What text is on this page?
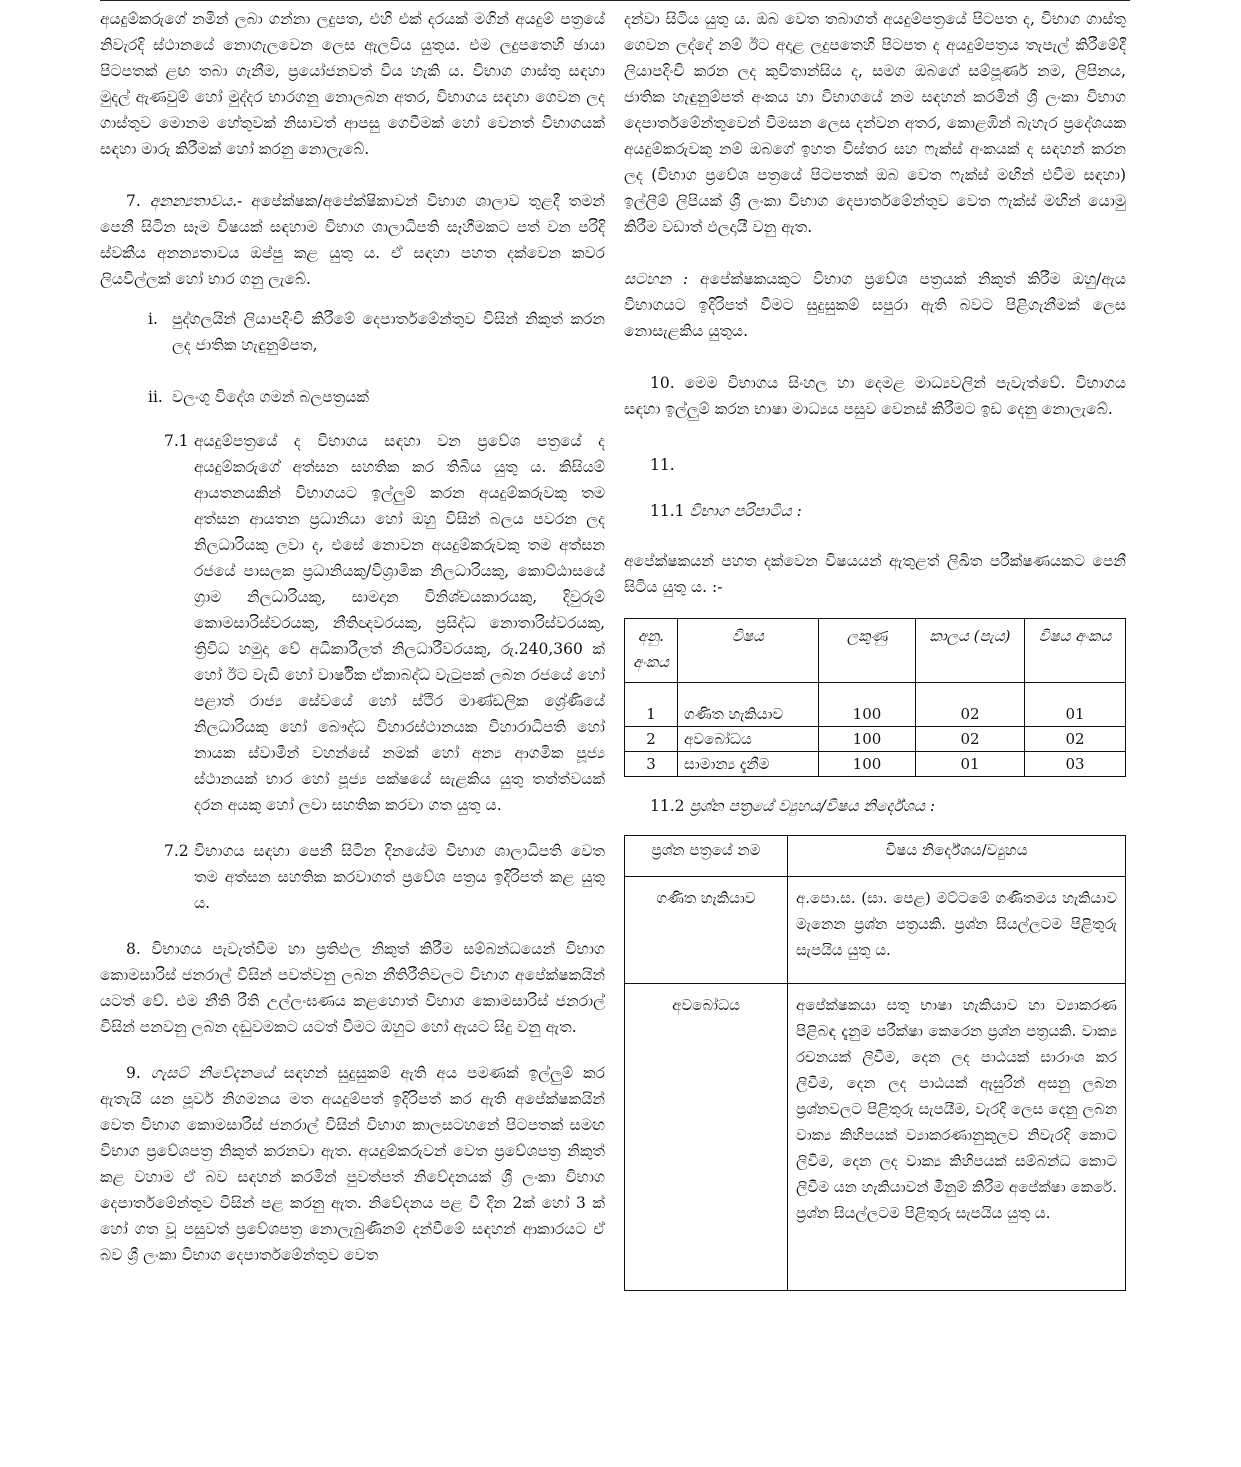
අයදුම්කරුගේ නමින් ලබා ගන්නා ලදුපත, එහි එක් දරයක් මගින් අයදුම් පත්‍රයේ නිවැරදි ස්ථානයේ නොගැලවෙන ලෙස ඇලවිය යුතුය. එම ලදුපතෙහි ඡායා පිටපතක් ළඟ තබා ගැනීම, ප්‍රයෝජනවත් විය හැකි ය. විභාග ගාස්තු සඳහා මුදල් ඇණවුම් හෝ මුද්දර භාරගනු නොලබන අතර, විභාගය සඳහා ගෙවන ලද ගාස්තුව මොනම හේතුවක් නිසාවත් ආපසු ගෙවීමක් හෝ වෙනත් විභාගයක් සඳහා මාරු කිරීමක් හෝ කරනු නොලැබේ.

7. අනන්‍යතාවය.- අපේක්ෂක/අපේක්ෂිකාවන් විභාග ශාලාව තුළදී තමන් පෙනී සිටින සෑම විෂයක් සඳහාම විභාග ශාලාධිපති සෑහීමකට පත් වන පරිදි ස්වකීය අනන්‍යතාවය ඔප්පු කළ යුතු ය. ඒ සඳහා පහත දක්වෙන කවර ලියවිල්ලක් හෝ භාර ගනු ලැබේ.

i. පුද්ගලයින් ලියාපදිංචි කිරීමේ දෙපාර්තමේන්තුව විසින් නිකුත් කරන ලද ජාතික හැඳුනුම්පත,

ii. වලංගු විදේශ ගමන් බලපත්‍රයක්

7.1 අයදුම්පත්‍රයේ ද විභාගය සඳහා වන ප්‍රවේශ පත්‍රයේ ද අයදුම්කරුගේ අත්සන සහතික කර තිබිය යුතු ය. කිසියම් ආයතනයකින් විභාගයට ඉල්ලුම් කරන අයදුම්කරුවකු තම අත්සන ආයතන ප්‍රධානියා හෝ ඔහු විසින් බලය පවරන ලද නිලධාරියකු ලවා ද, එසේ නොවන අයදුම්කරුවකු තම අත්සන රජයේ පාසලක ප්‍රධානියකු/විශ්‍රාමික නිලධාරියකු, කොට්ඨාසයේ ග්‍රාම නිලධාරියකු, සාමදාන විනිශ්චයකාරයකු, දිවුරුම් කොමසාරිස්වරයකු, නීතිඥවරයකු, ප්‍රසිද්ධ නොතාරිස්වරයකු, ත්‍රිවිධ හමුදා වේ අධිකාරීලත් නිලධාරීවරයකු, රු.240,360 ක් හෝ ඊට වැඩි හෝ වාර්ෂික ඒකාබද්ධ වැටුපක් ලබන රජයේ හෝ පළාත් රාජ්‍ය සේවයේ හෝ ස්ථිර මාණ්ඩලික ශ්‍රේණියේ නිලධාරියකු හෝ බෞද්ධ විහාරස්ථානයක විහාරාධිපති හෝ නායක ස්වාමීන් වහන්සේ නමක් හෝ අන්‍ය ආගමික පූජ්‍ය ස්ථානයක් භාර හෝ පූජ්‍ය පක්ෂයේ සැළකිය යුතු තත්ත්වයක් දරන අයකු හෝ ලවා සහතික කරවා ගත යුතු ය.

7.2 විභාගය සඳහා පෙනී සිටින දිනයේම විභාග ශාලාධිපති වෙත තම අත්සන සහතික කරවාගත් ප්‍රවේශ පත්‍රය ඉදිරිපත් කළ යුතු ය.

8. විභාගය පැවැත්වීම හා ප්‍රතිඵල නිකුත් කිරීම සම්බන්ධයෙන් විභාග කොමසාරිස් ජනරාල් විසින් පවත්වනු ලබන නීතිරීතිවලට විභාග අපේක්ෂකයින් යටත් වේ. එම නීති රීති උල්ලංඝණය කළහොත් විභාග කොමසාරිස් ජනරාල් විසින් පනවනු ලබන දඬුවමකට යටත් වීමට ඔහුට හෝ ඇයට සිදු වනු ඇත.

9. ගැසට් නිවේදනයේ සඳහන් සුදුසුකම් ඇති අය පමණක් ඉල්ලුම් කර ඇතැයි යන පූර්ව නිගමනය මත අයදුම්පත් ඉදිරිපත් කර ඇති අපේක්ෂකයින් වෙත විභාග කොමසාරිස් ජනරාල් විසින් විභාග කාලසටහනේ පිටපතක් සමඟ විභාග ප්‍රවේශපත්‍ර නිකුත් කරනවා ඇත. අයදුම්කරුවන් වෙත ප්‍රවේශපත්‍ර නිකුත් කළ වහාම ඒ බව සඳහන් කරමින් පුවත්පත් නිවේදනයක් ශ්‍රී ලංකා විභාග දෙපාර්තමේන්තුව විසින් පළ කරනු ඇත. නිවේදනය පළ වී දින 2ක් හෝ 3 ක් හෝ ගත වූ පසුවත් ප්‍රවේශපත්‍ර නොලැබුණිනම් දන්වීමේ සඳහන් ආකාරයට ඒ බව ශ්‍රී ලංකා විභාග දෙපාර්තමේන්තුව වෙත

දන්වා සිටිය යුතු ය. ඔබ වෙත තබාගත් අයදුම්පත්‍රයේ පිටපත ද, විභාග ගාස්තු ගෙවන ලද්දේ නම් ඊට අදාළ ලදුපතෙහි පිටපත ද අයදුම්පත්‍රය තැපැල් කිරීමේදී ලියාපදිංචි කරන ලද කුවිතාන්සිය ද, සමග ඔබගේ සම්පූර්ණ නම, ලිපිනය, ජාතික හැඳුනුම්පත් අංකය හා විභාගයේ නම සඳහන් කරමින් ශ්‍රී ලංකා විභාග දෙපාර්තමේන්තුවෙන් විමසන ලෙස දන්වන අතර, කොළඹින් බැහැර ප්‍රදේශයක අයදුම්කරුවකු නම් ඔබගේ ඉහත විස්තර සහ ෆැක්ස් අංකයක් ද සඳහන් කරන ලද (විභාග ප්‍රවේශ පත්‍රයේ පිටපතක් ඔබ වෙත ෆැක්ස් මඟින් එවීම සඳහා) ඉල්ලීම් ලිපියක් ශ්‍රී ලංකා විභාග දෙපාර්තමේන්තුව වෙත ෆැක්ස් මඟින් යොමු කිරීම වඩාත් ඵලදායී වනු ඇත.

සටහන : අපේක්ෂකයකුට විභාග ප්‍රවේශ පත්‍රයක් නිකුත් කිරීම ඔහු/ඇය විභාගයට ඉදිරිපත් වීමට සුදුසුකම් සපුරා ඇති බවට පිළිගැනීමක් ලෙස නොසැළකිය යුතුය.

10. මෙම විභාගය සිංහල හා දෙමළ මාධ්‍යවලින් පැවැත්වේ. විභාගය සඳහා ඉල්ලුම් කරන භාෂා මාධ්‍යය පසුව වෙනස් කිරීමට ඉඩ දෙනු නොලැබේ.

11.

11.1 විභාග පරිපාටිය :

අපේක්ෂකයන් පහත දක්වෙන විෂයයන් ඇතුළත් ලිඛිත පරීක්ෂණයකට පෙනී සිටිය යුතු ය. :-

අනු. අංකය	විෂය	ලකුණු	කාලය (පැය)	විෂය අංකය
1	ගණිත හැකියාව	100	02	01
2	අවබෝධය	100	02	02
3	සාමාන්‍ය දැනීම	100	01	03

11.2 ප්‍රශ්න පත්‍රයේ ව්‍යුහය/විෂය නිර්දේශය :

ප්‍රශ්න පත්‍රයේ නම	විෂය නිර්දේශය/ව්‍යුහය
ගණිත හැකියාව	අ.පො.ස. (සා. පෙළ) මට්ටමේ ගණිතමය හැකියාව මැනෙන ප්‍රශ්න පත්‍රයකි. ප්‍රශ්න සියල්ලටම පිළිතුරු සැපයිය යුතු ය.
අවබෝධය	අපේක්ෂකයා සතු භාෂා හැකියාව හා ව්‍යාකරණ පිළිබඳ දැනුම පරීක්ෂා කෙරෙන ප්‍රශ්න පත්‍රයකි. වාක්‍ය රචනයක් ලිවීම, දෙන ලද පාඨයක් සාරාංශ කර ලිවීම, දෙන ලද පාඨයක් ඇසුරින් අසනු ලබන ප්‍රශ්නවලට පිළිතුරු සැපයීම, වැරදි ලෙස දෙනු ලබන වාක්‍ය කිහිපයක් ව්‍යාකරණානුකූලව නිවැරදි කොට ලිවීම, දෙන ලද වාක්‍ය කිහිපයක් සම්බන්ධ කොට ලිවීම යන හැකියාවන් මිනුම් කිරීම අපේක්ෂා කෙරේ. ප්‍රශ්න සියල්ලටම පිළිතුරු සැපයිය යුතු ය.
